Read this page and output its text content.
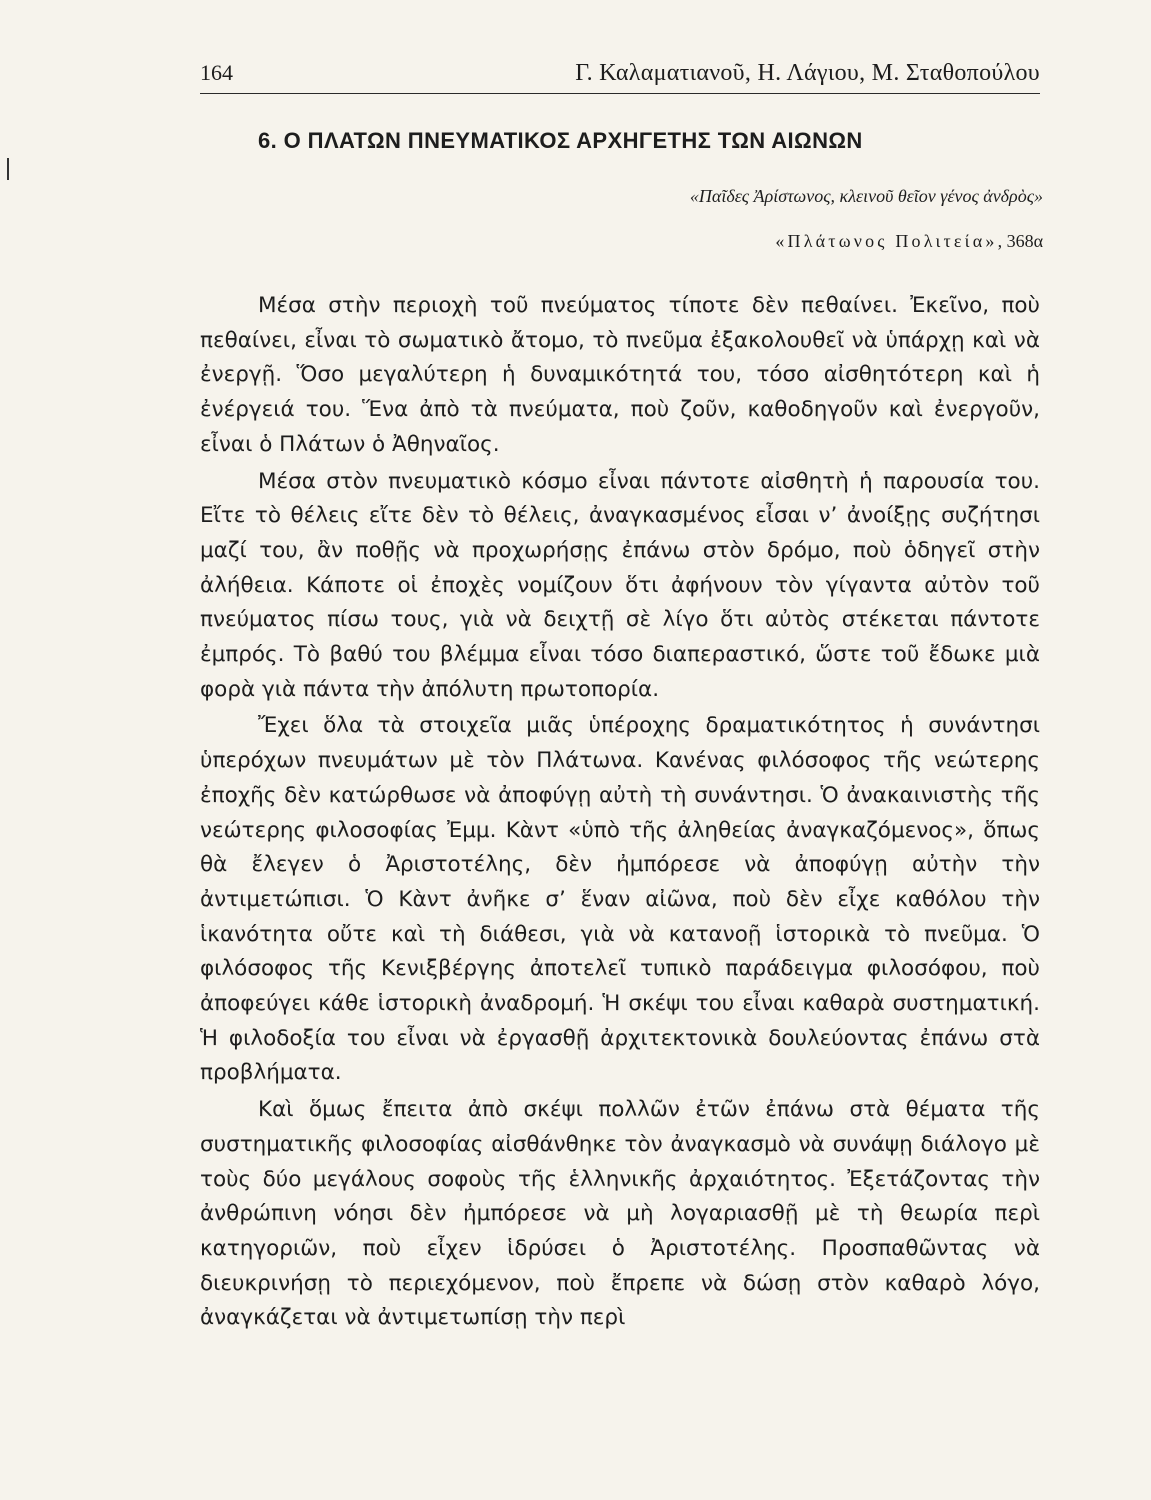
164	Γ. Καλαματιανοῦ, Η. Λάγιου, Μ. Σταθοπούλου
6. Ο ΠΛΑΤΩΝ ΠΝΕΥΜΑΤΙΚΟΣ ΑΡΧΗΓΕΤΗΣ ΤΩΝ ΑΙΩΝΩΝ
«Παῖδες Ἀρίστωνος, κλεινοῦ θεῖον γένος ἀνδρὸς»
«Πλάτωνος Πολιτεία», 368α

Μέσα στὴν περιοχὴ τοῦ πνεύματος τίποτε δὲν πεθαίνει. Ἐκεῖνο, ποὺ πεθαίνει, εἶναι τὸ σωματικὸ ἄτομο, τὸ πνεῦμα ἐξακολουθεῖ νὰ ὑπάρχῃ καὶ νὰ ἐνεργῇ. Ὅσο μεγαλύτερη ἡ δυναμικότητά του, τόσο αἰσθητότερη καὶ ἡ ἐνέργειά του. Ἕνα ἀπὸ τὰ πνεύματα, ποὺ ζοῦν, καθοδηγοῦν καὶ ἐνεργοῦν, εἶναι ὁ Πλάτων ὁ Ἀθηναῖος.

Μέσα στὸν πνευματικὸ κόσμο εἶναι πάντοτε αἰσθητὴ ἡ παρουσία του. Εἴτε τὸ θέλεις εἴτε δὲν τὸ θέλεις, ἀναγκασμένος εἶσαι ν’ ἀνοίξῃς συζήτησι μαζί του, ἂν ποθῇς νὰ προχωρήσῃς ἐπάνω στὸν δρόμο, ποὺ ὁδηγεῖ στὴν ἀλήθεια. Κάποτε οἱ ἐποχὲς νομίζουν ὅτι ἀφήνουν τὸν γίγαντα αὐτὸν τοῦ πνεύματος πίσω τους, γιὰ νὰ δειχτῇ σὲ λίγο ὅτι αὐτὸς στέκεται πάντοτε ἐμπρός. Τὸ βαθύ του βλέμμα εἶναι τόσο διαπεραστικό, ὥστε τοῦ ἔδωκε μιὰ φορὰ γιὰ πάντα τὴν ἀπόλυτη πρωτοπορία.

Ἔχει ὅλα τὰ στοιχεῖα μιᾶς ὑπέροχης δραματικότητος ἡ συνάντησι ὑπερόχων πνευμάτων μὲ τὸν Πλάτωνα. Κανένας φιλόσοφος τῆς νεώτερης ἐποχῆς δὲν κατώρθωσε νὰ ἀποφύγῃ αὐτὴ τὴ συνάντησι. Ὁ ἀνακαινιστὴς τῆς νεώτερης φιλοσοφίας Ἐμμ. Κὰντ «ὑπὸ τῆς ἀληθείας ἀναγκαζόμενος», ὅπως θὰ ἔλεγεν ὁ Ἀριστοτέλης, δὲν ἠμπόρεσε νὰ ἀποφύγῃ αὐτὴν τὴν ἀντιμετώπισι. Ὁ Κὰντ ἀνῆκε σ’ ἕναν αἰῶνα, ποὺ δὲν εἶχε καθόλου τὴν ἱκανότητα οὔτε καὶ τὴ διάθεσι, γιὰ νὰ κατανοῇ ἱστορικὰ τὸ πνεῦμα. Ὁ φιλόσοφος τῆς Κενιξβέργης ἀποτελεῖ τυπικὸ παράδειγμα φιλοσόφου, ποὺ ἀποφεύγει κάθε ἱστορικὴ ἀναδρομή. Ἡ σκέψι του εἶναι καθαρὰ συστηματική. Ἡ φιλοδοξία του εἶναι νὰ ἐργασθῇ ἀρχιτεκτονικὰ δουλεύοντας ἐπάνω στὰ προβλήματα.

Καὶ ὅμως ἔπειτα ἀπὸ σκέψι πολλῶν ἐτῶν ἐπάνω στὰ θέματα τῆς συστηματικῆς φιλοσοφίας αἰσθάνθηκε τὸν ἀναγκασμὸ νὰ συνάψῃ διάλογο μὲ τοὺς δύο μεγάλους σοφοὺς τῆς ἑλληνικῆς ἀρχαιότητος. Ἐξετάζοντας τὴν ἀνθρώπινη νόησι δὲν ἠμπόρεσε νὰ μὴ λογαριασθῇ μὲ τὴ θεωρία περὶ κατηγοριῶν, ποὺ εἶχεν ἱδρύσει ὁ Ἀριστοτέλης. Προσπαθῶντας νὰ διευκρινήσῃ τὸ περιεχόμενον, ποὺ ἔπρεπε νὰ δώσῃ στὸν καθαρὸ λόγο, ἀναγκάζεται νὰ ἀντιμετωπίσῃ τὴν περὶ
